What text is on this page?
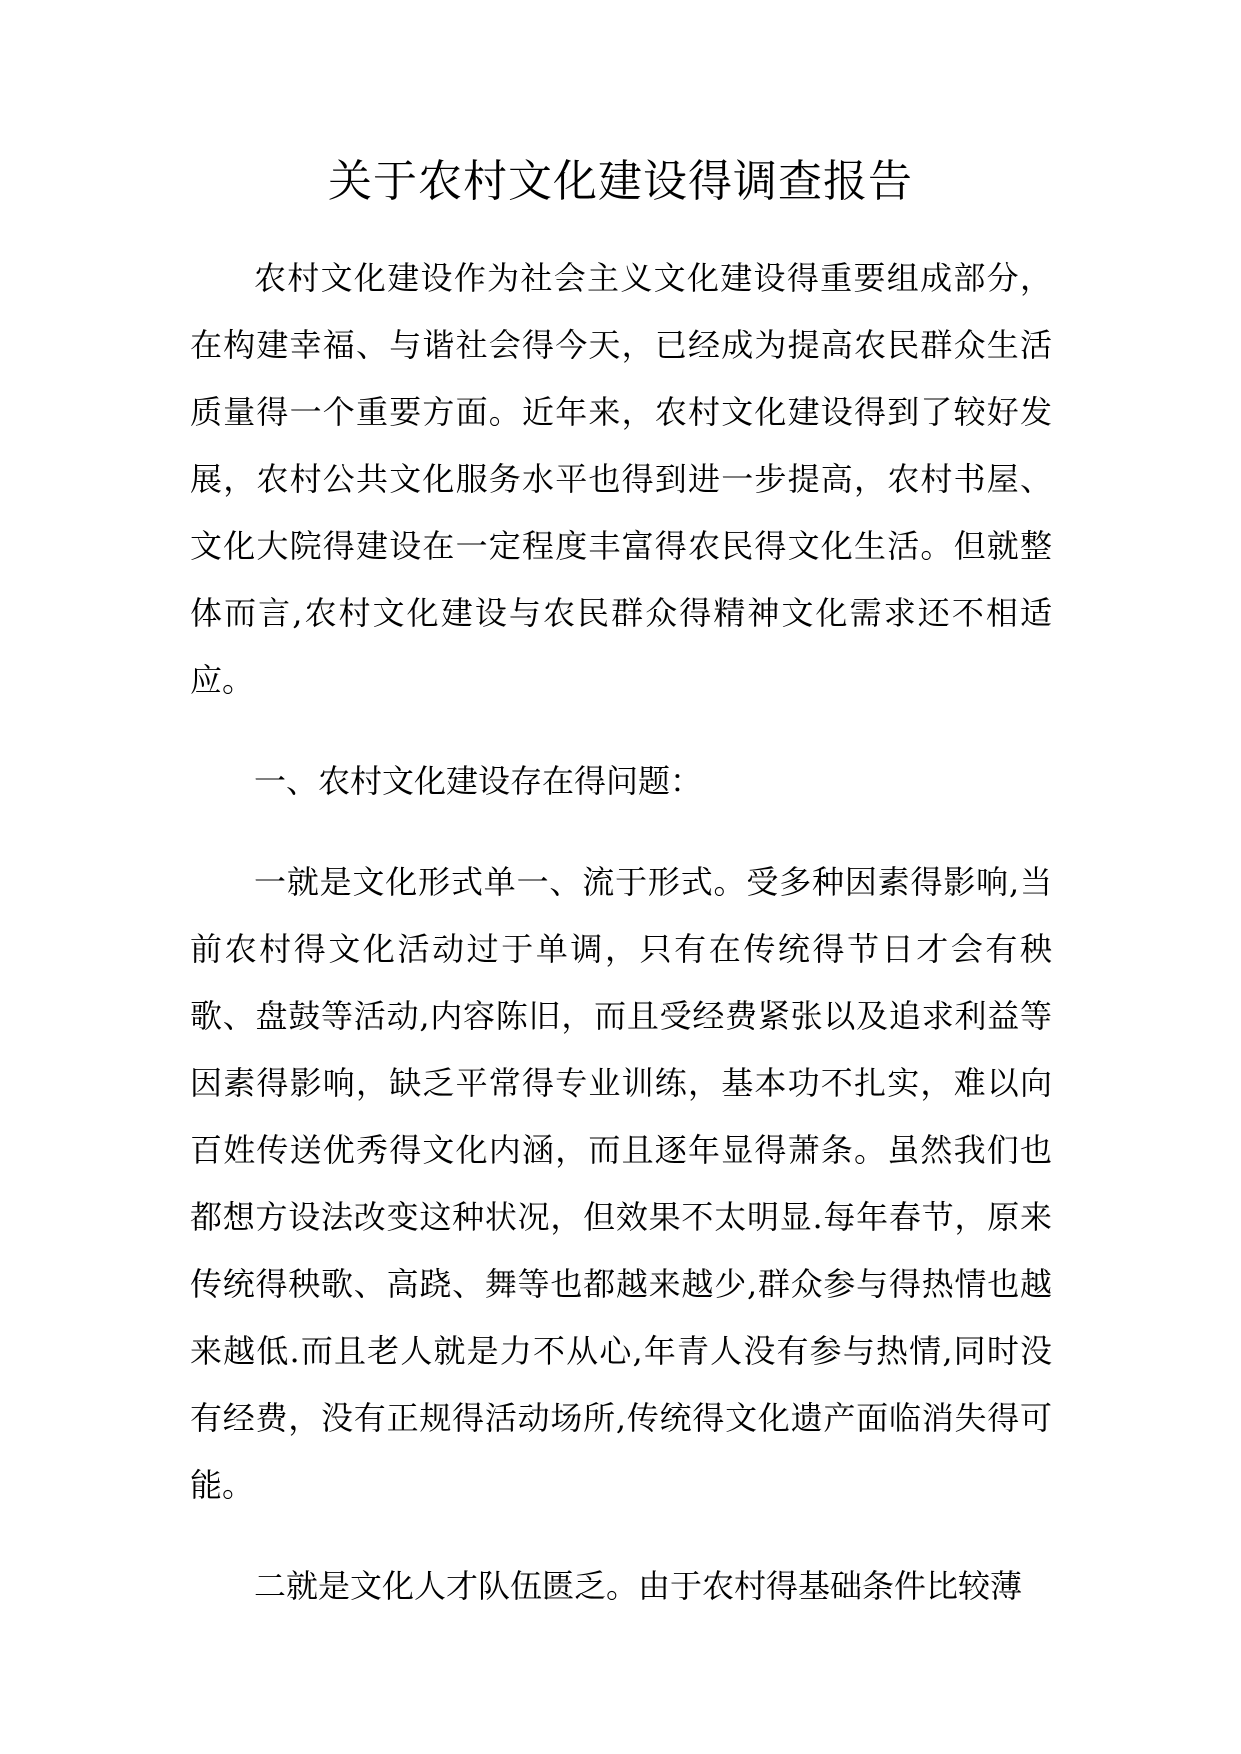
关于农村文化建设得调查报告

农村文化建设作为社会主义文化建设得重要组成部分，在构建幸福、与谐社会得今天，已经成为提高农民群众生活质量得一个重要方面。近年来，农村文化建设得到了较好发展，农村公共文化服务水平也得到进一步提高，农村书屋、文化大院得建设在一定程度丰富得农民得文化生活。但就整体而言,农村文化建设与农民群众得精神文化需求还不相适应。

一、农村文化建设存在得问题：

一就是文化形式单一、流于形式。受多种因素得影响,当前农村得文化活动过于单调，只有在传统得节日才会有秧歌、盘鼓等活动,内容陈旧，而且受经费紧张以及追求利益等因素得影响，缺乏平常得专业训练，基本功不扎实，难以向百姓传送优秀得文化内涵，而且逐年显得萧条。虽然我们也都想方设法改变这种状况，但效果不太明显.每年春节，原来传统得秧歌、高跷、舞等也都越来越少,群众参与得热情也越来越低.而且老人就是力不从心,年青人没有参与热情,同时没有经费，没有正规得活动场所,传统得文化遗产面临消失得可能。

二就是文化人才队伍匮乏。由于农村得基础条件比较薄
